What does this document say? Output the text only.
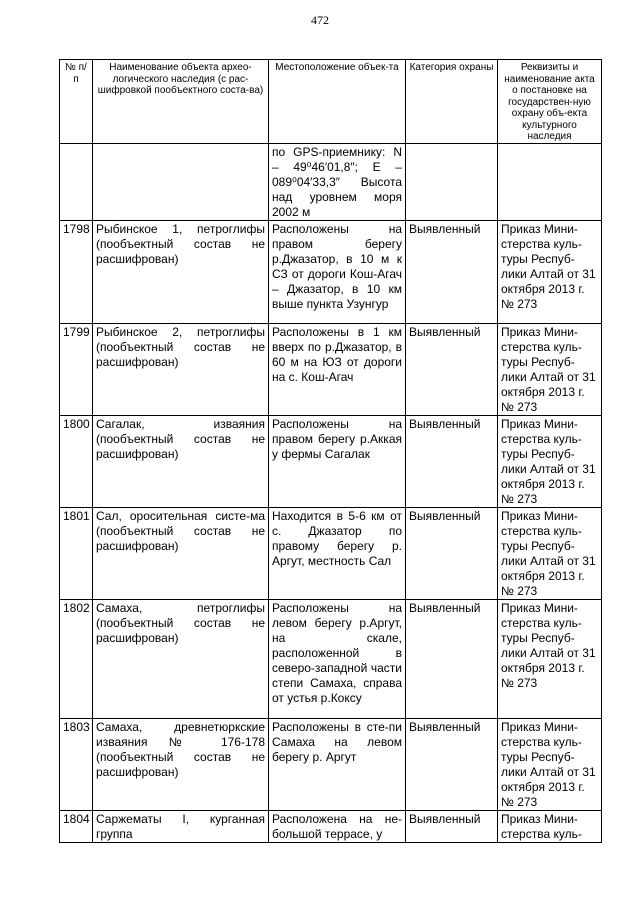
472
№ п/п	Наименование объекта архео-логического наследия (с рас-шифровкой пообъектного соста-ва)	Местоположение объек-та	Категория охраны	Реквизиты и наименование акта о постановке на государствен-ную охрану объ-екта культурного наследия
		по GPS-приемнику: N – 49⁰46′01,8″; E – 089⁰04′33,3″ Высота над уровнем моря 2002 м		
1798	Рыбинское 1, петроглифы (пообъектный состав не расшифрован)	Расположены на правом берегу р.Джазатор, в 10 м к СЗ от дороги Кош-Агач – Джазатор, в 10 км выше пункта Узунгур	Выявленный	Приказ Мини-стерства куль-туры Респуб-лики Алтай от 31 октября 2013 г. № 273
1799	Рыбинское 2, петроглифы (пообъектный состав не расшифрован)	Расположены в 1 км вверх по р.Джазатор, в 60 м на ЮЗ от дороги на с. Кош-Агач	Выявленный	Приказ Мини-стерства куль-туры Респуб-лики Алтай от 31 октября 2013 г. № 273
1800	Сагалак, изваяния (пообъектный состав не расшифрован)	Расположены на правом берегу р.Аккая у фермы Сагалак	Выявленный	Приказ Мини-стерства куль-туры Респуб-лики Алтай от 31 октября 2013 г. № 273
1801	Сал, оросительная систе-ма (пообъектный состав не расшифрован)	Находится в 5-6 км от с. Джазатор по правому берегу р. Аргут, местность Сал	Выявленный	Приказ Мини-стерства куль-туры Респуб-лики Алтай от 31 октября 2013 г. № 273
1802	Самаха, петроглифы (пообъектный состав не расшифрован)	Расположены на левом берегу р.Аргут, на скале, расположенной в северо-западной части степи Самаха, справа от устья р.Коксу	Выявленный	Приказ Мини-стерства куль-туры Респуб-лики Алтай от 31 октября 2013 г. № 273
1803	Самаха, древнетюркские изваяния № 176-178 (пообъектный состав не расшифрован)	Расположены в сте-пи Самаха на левом берегу р. Аргут	Выявленный	Приказ Мини-стерства куль-туры Респуб-лики Алтай от 31 октября 2013 г. № 273
1804	Саржематы I, курганная группа	Расположена на не-большой террасе, у	Выявленный	Приказ Мини-стерства куль-
